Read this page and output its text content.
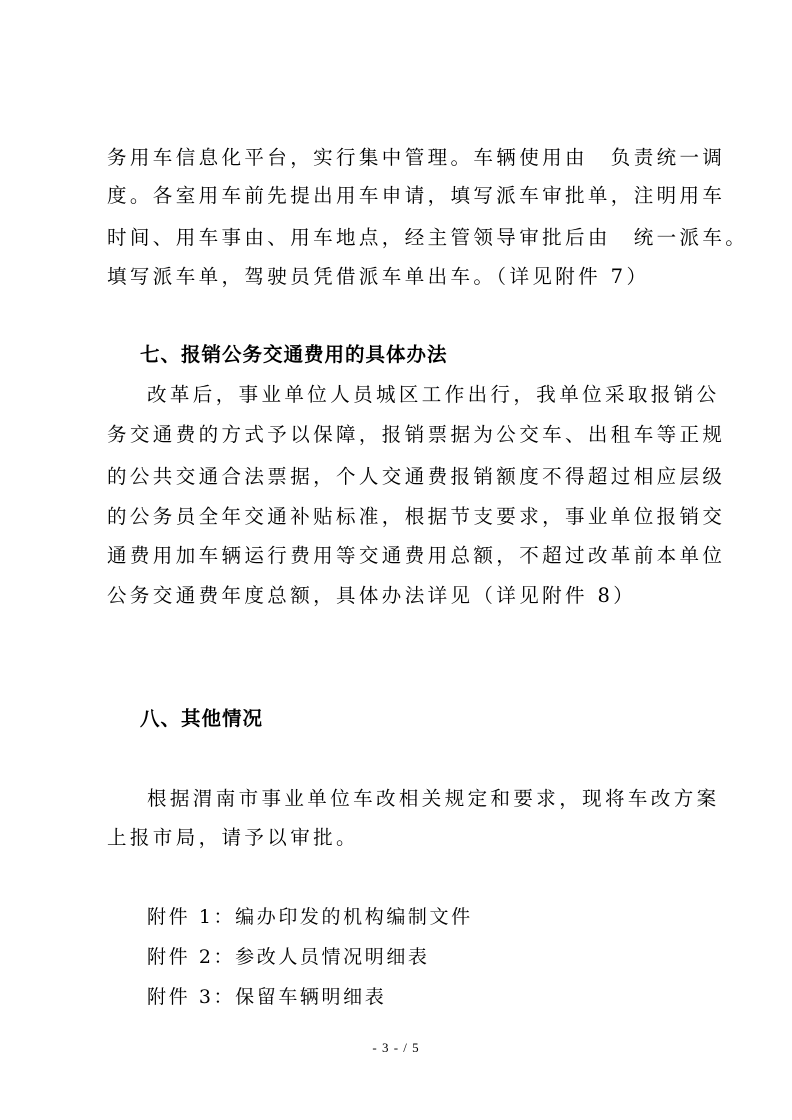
务用车信息化平台，实行集中管理。车辆使用由　负责统一调
度。各室用车前先提出用车申请，填写派车审批单，注明用车
时间、用车事由、用车地点，经主管领导审批后由　统一派车。
填写派车单，驾驶员凭借派车单出车。（详见附件 7）
七、报销公务交通费用的具体办法
改革后，事业单位人员城区工作出行，我单位采取报销公
务交通费的方式予以保障，报销票据为公交车、出租车等正规
的公共交通合法票据，个人交通费报销额度不得超过相应层级
的公务员全年交通补贴标准，根据节支要求，事业单位报销交
通费用加车辆运行费用等交通费用总额，不超过改革前本单位
公务交通费年度总额，具体办法详见（详见附件 8）
八、其他情况
根据渭南市事业单位车改相关规定和要求，现将车改方案
上报市局，请予以审批。
附件 1：编办印发的机构编制文件
附件 2：参改人员情况明细表
附件 3：保留车辆明细表
- 3 - / 5
